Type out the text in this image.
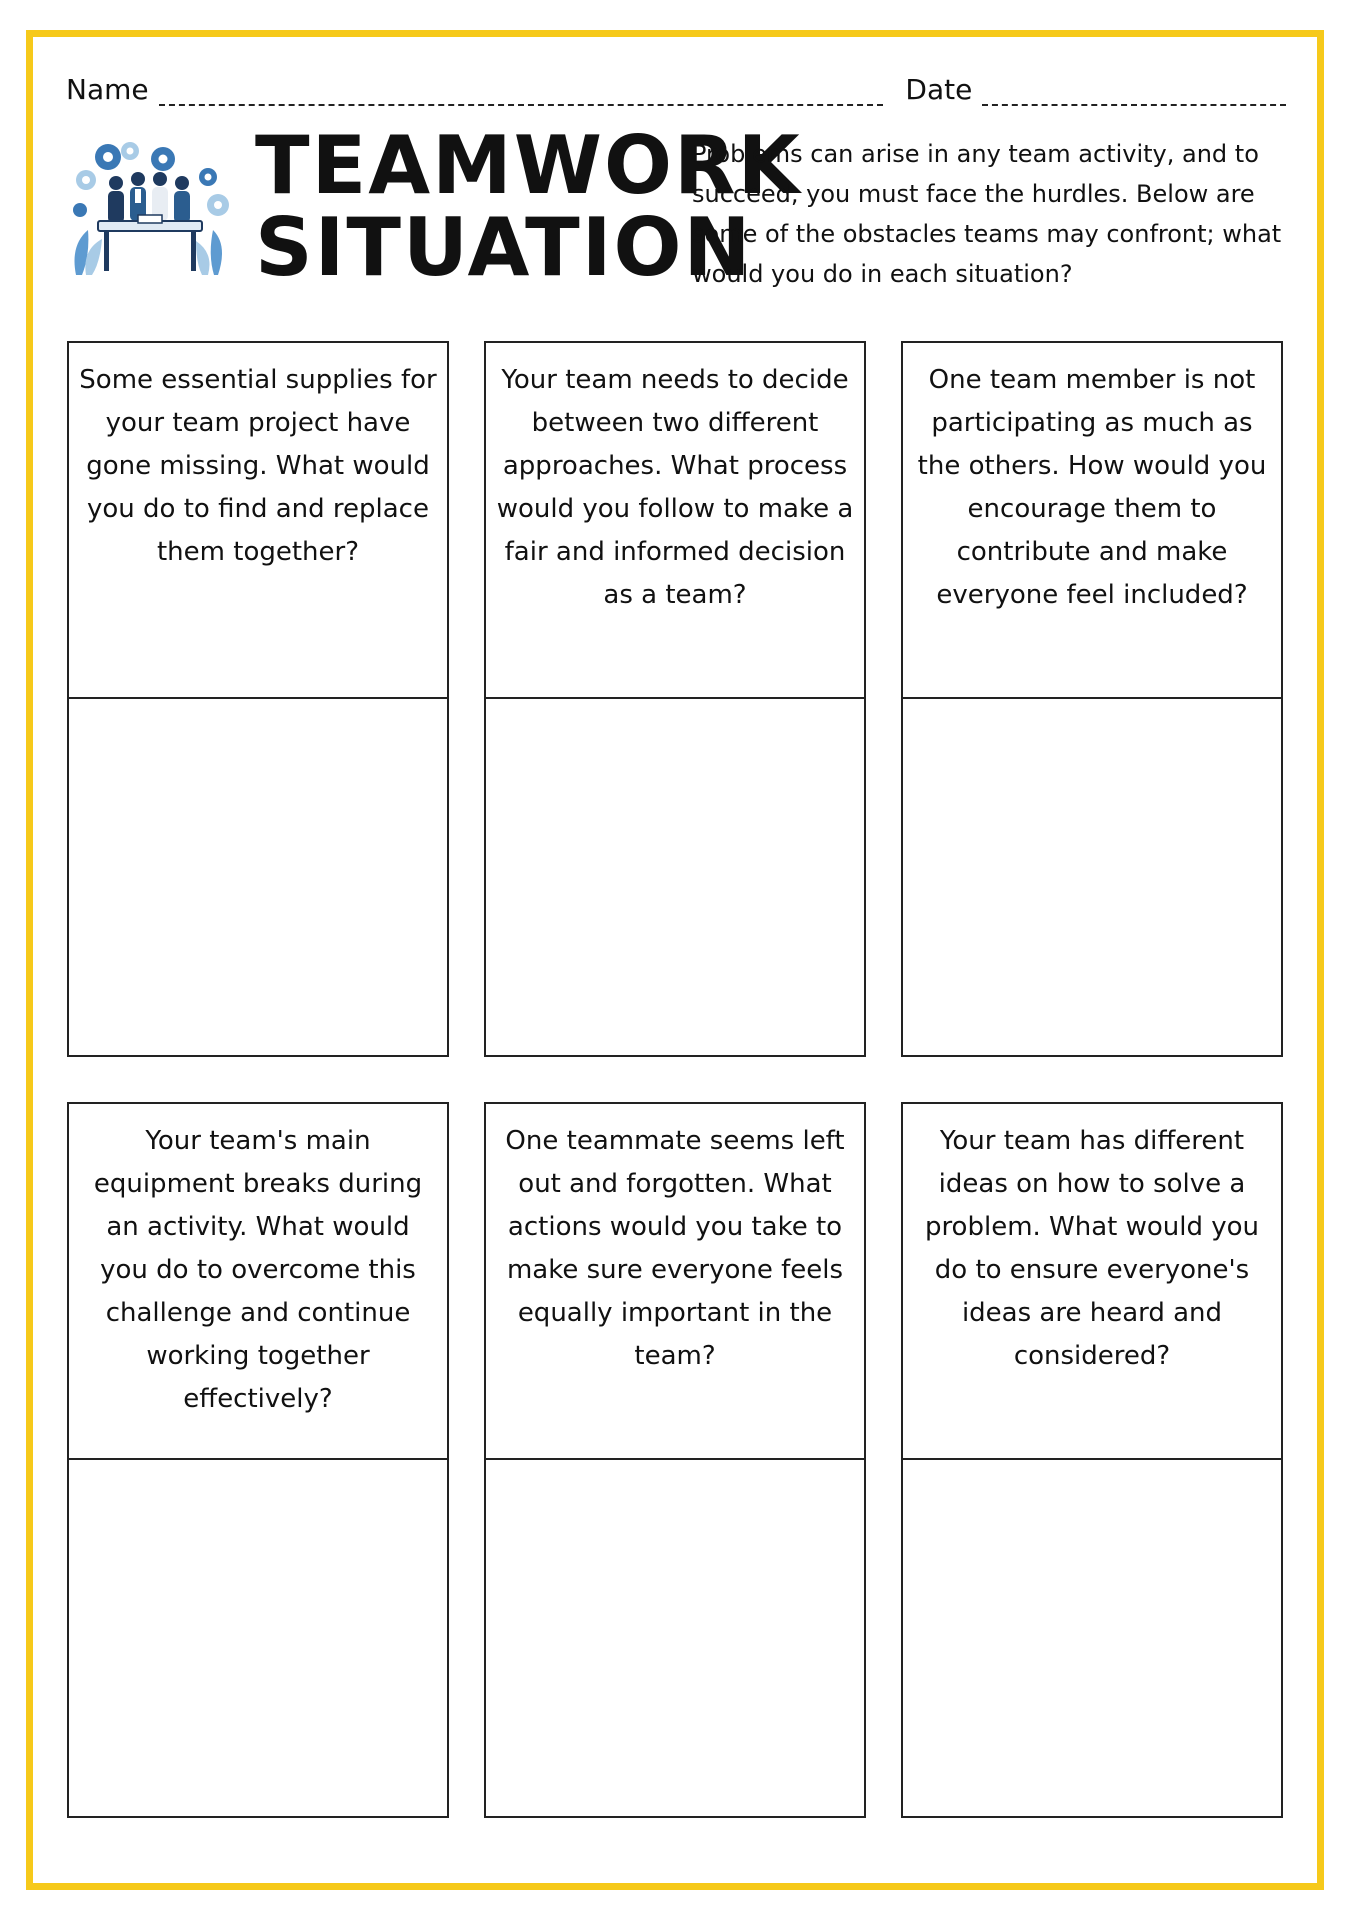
Name	Date
TEAMWORK
SITUATION
Problems can arise in any team activity, and to succeed, you must face the hurdles. Below are some of the obstacles teams may confront; what would you do in each situation?
Some essential supplies for your team project have gone missing. What would you do to find and replace them together?
Your team needs to decide between two different approaches. What process would you follow to make a fair and informed decision as a team?
One team member is not participating as much as the others. How would you encourage them to contribute and make everyone feel included?
Your team's main equipment breaks during an activity. What would you do to overcome this challenge and continue working together effectively?
One teammate seems left out and forgotten. What actions would you take to make sure everyone feels equally important in the team?
Your team has different ideas on how to solve a problem. What would you do to ensure everyone's ideas are heard and considered?
